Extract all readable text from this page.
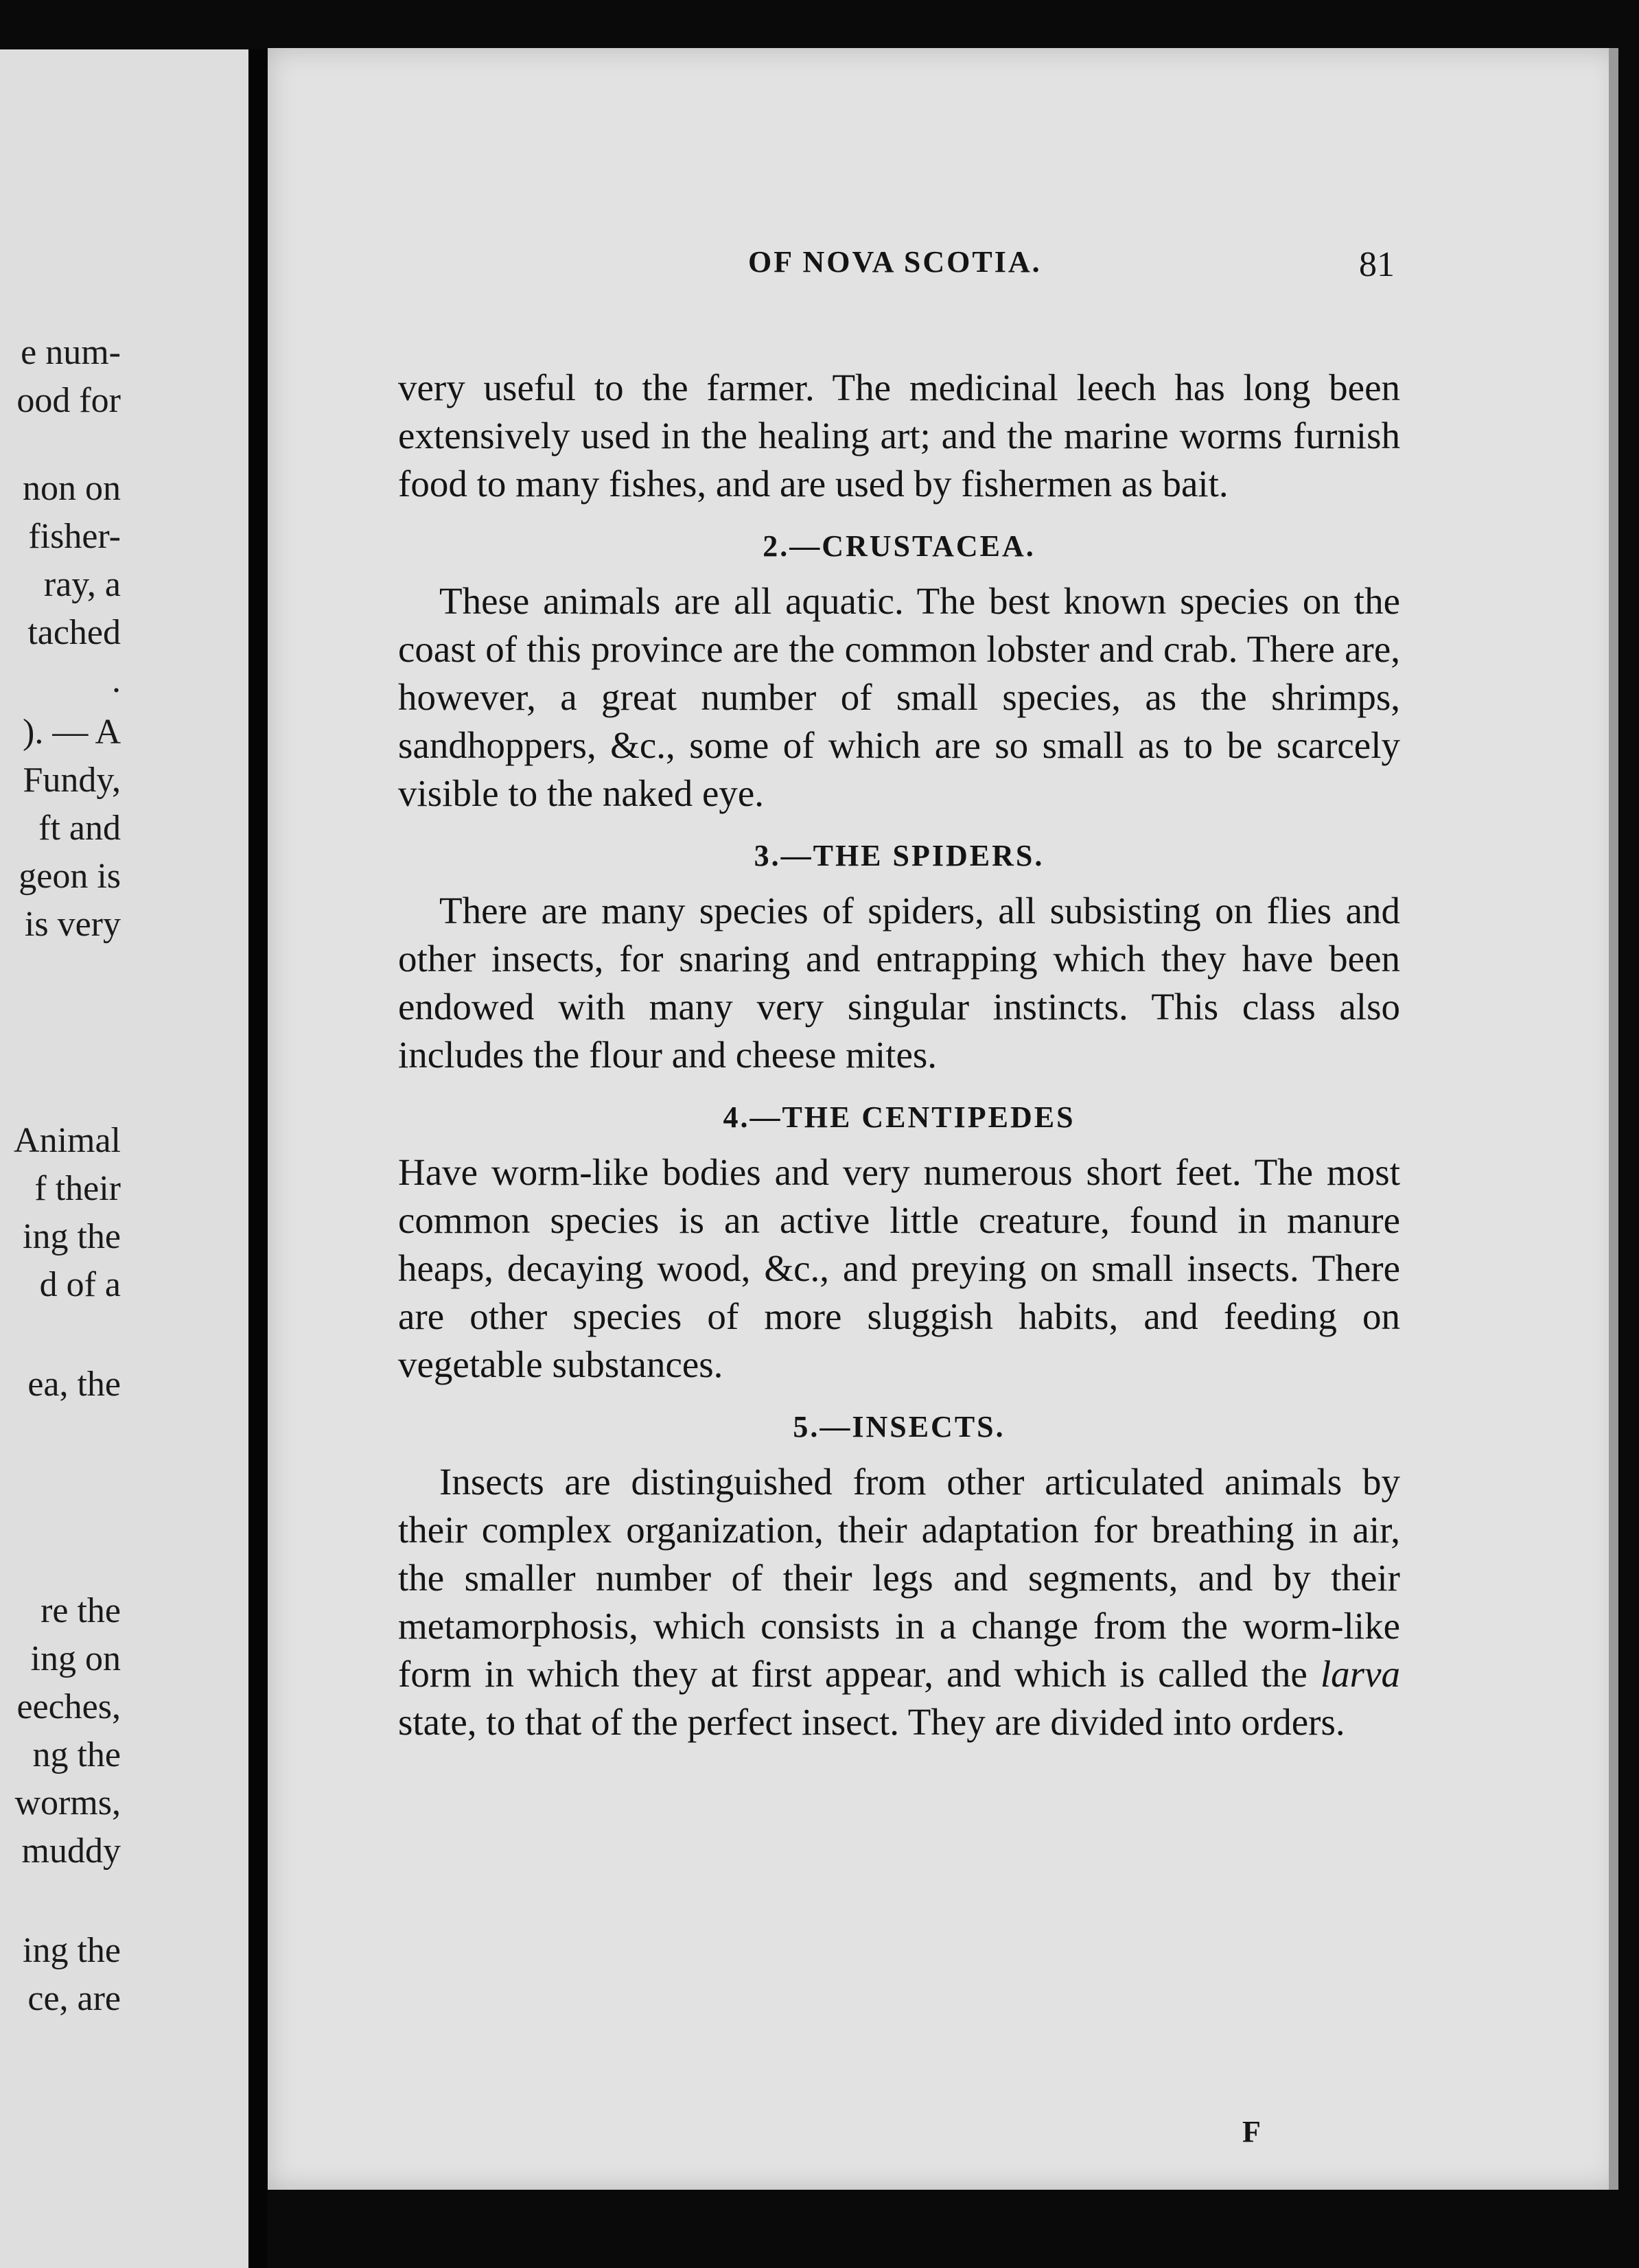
e num-
ood for
non on
fisher-
ray, a
tached
.
). — A
Fundy,
ft and
geon is
is very
Animal
f their
ing the
d of a
ea, the
re the
ing on
eeches,
ng the
worms,
muddy
ing the
ce, are
OF NOVA SCOTIA.	81

very useful to the farmer. The medicinal leech has long been extensively used in the healing art; and the marine worms furnish food to many fishes, and are used by fishermen as bait.

2.—CRUSTACEA.

These animals are all aquatic. The best known species on the coast of this province are the common lobster and crab. There are, however, a great number of small species, as the shrimps, sandhoppers, &c., some of which are so small as to be scarcely visible to the naked eye.

3.—THE SPIDERS.

There are many species of spiders, all subsisting on flies and other insects, for snaring and entrapping which they have been endowed with many very singular instincts. This class also includes the flour and cheese mites.

4.—THE CENTIPEDES

Have worm-like bodies and very numerous short feet. The most common species is an active little creature, found in manure heaps, decaying wood, &c., and preying on small insects. There are other species of more sluggish habits, and feeding on vegetable substances.

5.—INSECTS.

Insects are distinguished from other articulated animals by their complex organization, their adaptation for breathing in air, the smaller number of their legs and segments, and by their metamorphosis, which consists in a change from the worm-like form in which they at first appear, and which is called the larva state, to that of the perfect insect. They are divided into orders.

F
